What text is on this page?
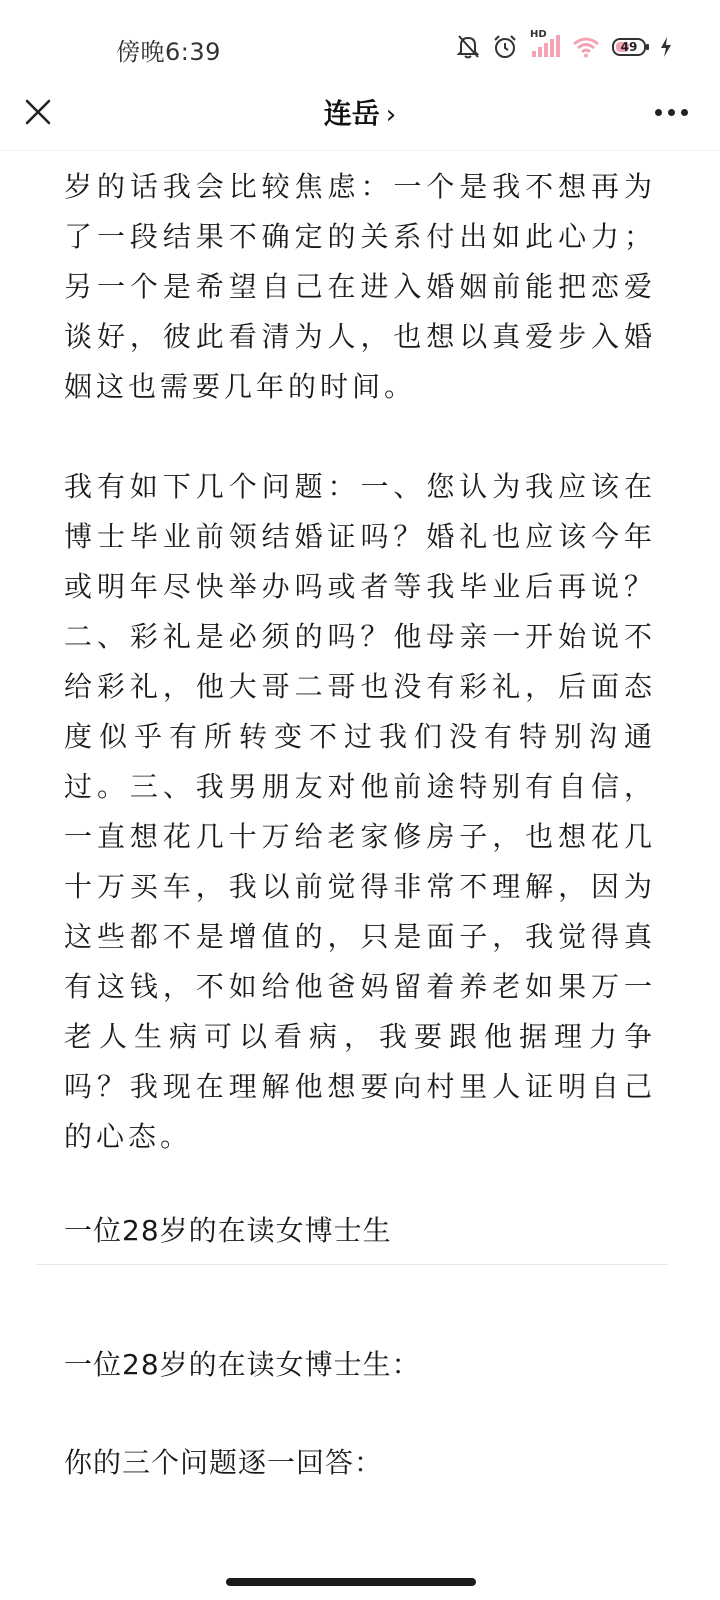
傍晚6:39
HD
49
连岳 ›

岁的话我会比较焦虑：一个是我不想再为了一段结果不确定的关系付出如此心力；另一个是希望自己在进入婚姻前能把恋爱谈好，彼此看清为人，也想以真爱步入婚姻这也需要几年的时间。

我有如下几个问题：一、您认为我应该在博士毕业前领结婚证吗？婚礼也应该今年或明年尽快举办吗或者等我毕业后再说？二、彩礼是必须的吗？他母亲一开始说不给彩礼，他大哥二哥也没有彩礼，后面态度似乎有所转变不过我们没有特别沟通过。三、我男朋友对他前途特别有自信，一直想花几十万给老家修房子，也想花几十万买车，我以前觉得非常不理解，因为这些都不是增值的，只是面子，我觉得真有这钱，不如给他爸妈留着养老如果万一老人生病可以看病，我要跟他据理力争吗？我现在理解他想要向村里人证明自己的心态。

一位28岁的在读女博士生

一位28岁的在读女博士生：

你的三个问题逐一回答：
